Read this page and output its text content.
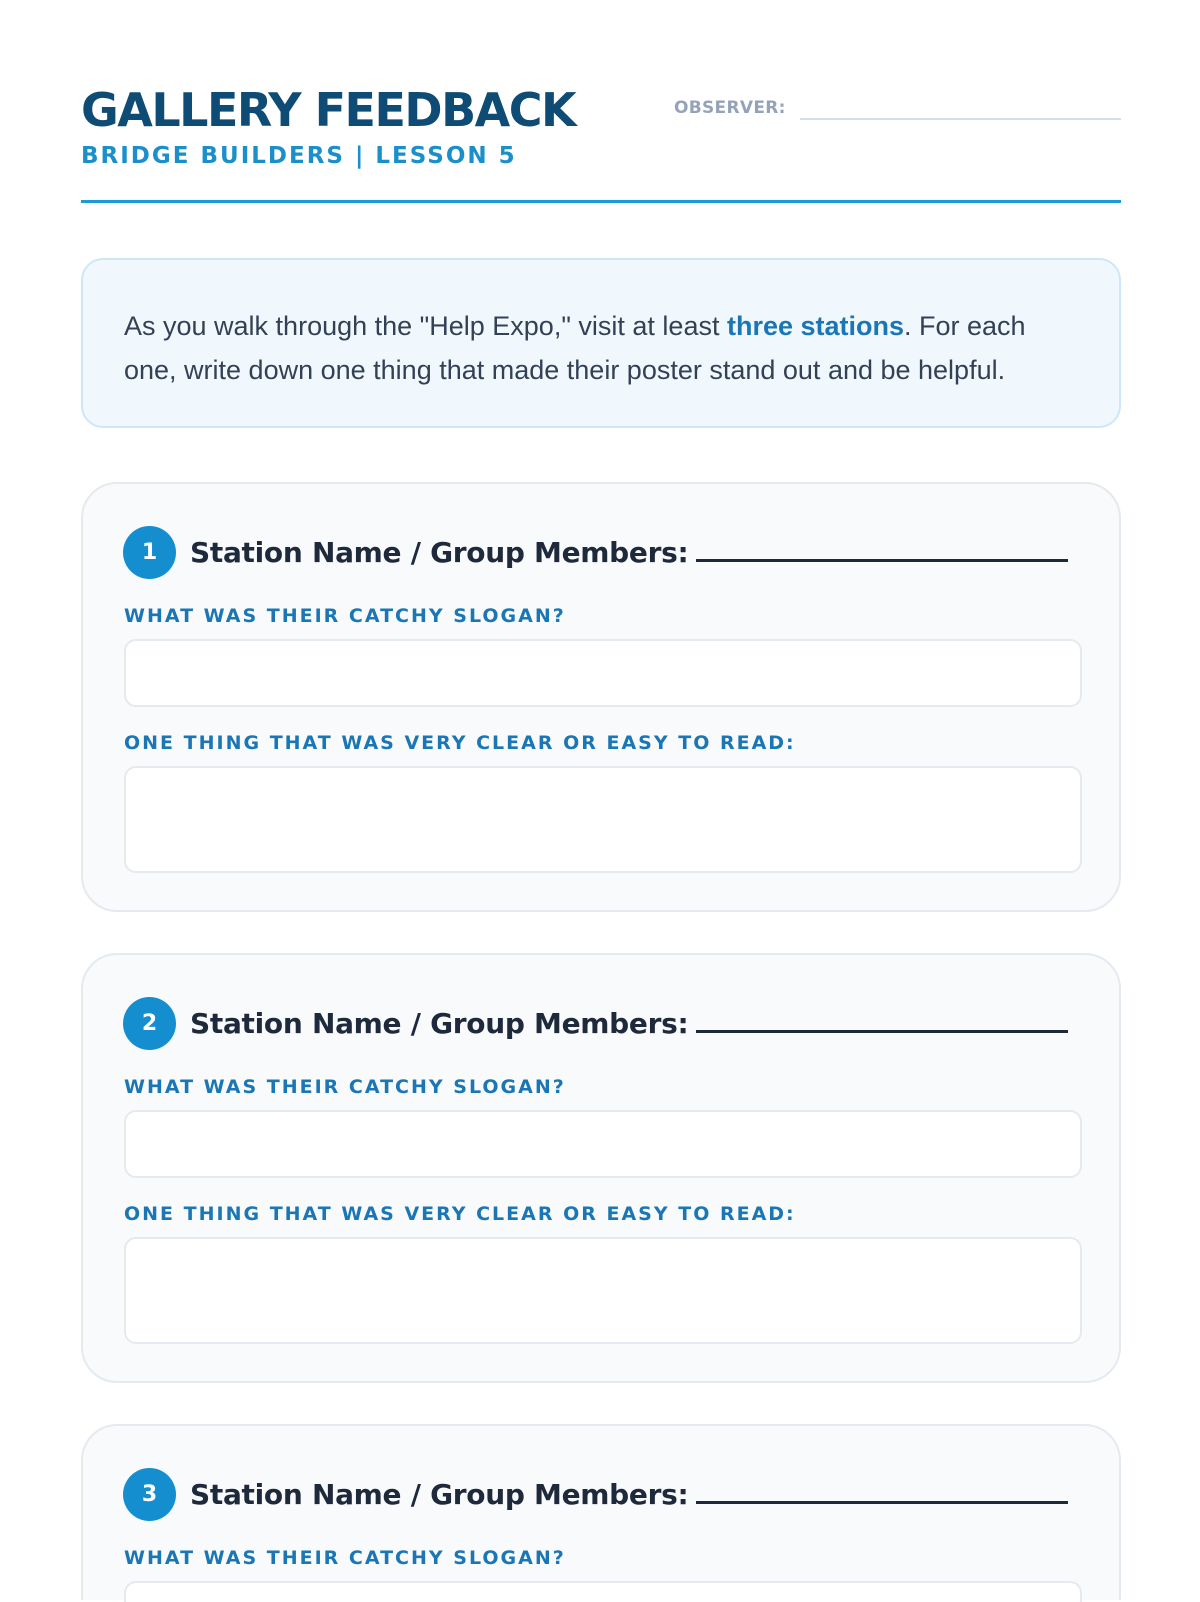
GALLERY FEEDBACK
BRIDGE BUILDERS | LESSON 5
OBSERVER:
As you walk through the "Help Expo," visit at least three stations. For each one, write down one thing that made their poster stand out and be helpful.
1	Station Name / Group Members:
WHAT WAS THEIR CATCHY SLOGAN?
ONE THING THAT WAS VERY CLEAR OR EASY TO READ:
2	Station Name / Group Members:
WHAT WAS THEIR CATCHY SLOGAN?
ONE THING THAT WAS VERY CLEAR OR EASY TO READ:
3	Station Name / Group Members:
WHAT WAS THEIR CATCHY SLOGAN?
